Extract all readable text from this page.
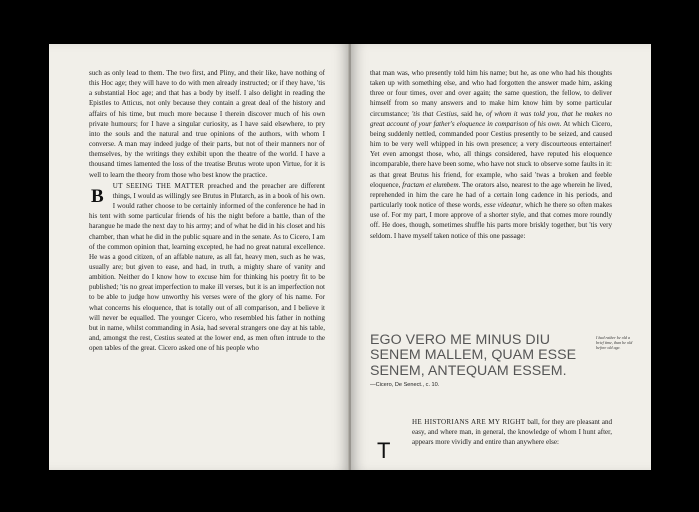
such as only lead to them. The two first, and Pliny, and their like, have nothing of this Hoc age; they will have to do with men already instructed; or if they have, 'tis a substantial Hoc age; and that has a body by itself. I also delight in reading the Epistles to Atticus, not only because they contain a great deal of the history and affairs of his time, but much more because I therein discover much of his own private humours; for I have a singular curiosity, as I have said elsewhere, to pry into the souls and the natural and true opinions of the authors, with whom I converse. A man may indeed judge of their parts, but not of their manners nor of themselves, by the writings they exhibit upon the theatre of the world. I have a thousand times lamented the loss of the treatise Brutus wrote upon Virtue, for it is well to learn the theory from those who best know the practice.

B UT SEEING THE MATTER preached and the preacher are different things, I would as willingly see Brutus in Plutarch, as in a book of his own. I would rather choose to be certainly informed of the conference he had in his tent with some particular friends of his the night before a battle, than of the harangue he made the next day to his army; and of what he did in his closet and his chamber, than what he did in the public square and in the senate. As to Cicero, I am of the common opinion that, learning excepted, he had no great natural excellence. He was a good citizen, of an affable nature, as all fat, heavy men, such as he was, usually are; but given to ease, and had, in truth, a mighty share of vanity and ambition. Neither do I know how to excuse him for thinking his poetry fit to be published; 'tis no great imperfection to make ill verses, but it is an imperfection not to be able to judge how unworthy his verses were of the glory of his name. For what concerns his eloquence, that is totally out of all comparison, and I believe it will never be equalled. The younger Cicero, who resembled his father in nothing but in name, whilst commanding in Asia, had several strangers one day at his table, and, amongst the rest, Cestius seated at the lower end, as men often intrude to the open tables of the great. Cicero asked one of his people who

that man was, who presently told him his name; but he, as one who had his thoughts taken up with something else, and who had forgotten the answer made him, asking three or four times, over and over again; the same question, the fellow, to deliver himself from so many answers and to make him know him by some particular circumstance; 'tis that Cestius, said he, of whom it was told you, that he makes no great account of your father's eloquence in comparison of his own. At which Cicero, being suddenly nettled, commanded poor Cestius presently to be seized, and caused him to be very well whipped in his own presence; a very discourteous entertainer! Yet even amongst those, who, all things considered, have reputed his eloquence incomparable, there have been some, who have not stuck to observe some faults in it: as that great Brutus his friend, for example, who said 'twas a broken and feeble eloquence, fractam et elumbem. The orators also, nearest to the age wherein he lived, reprehended in him the care he had of a certain long cadence in his periods, and particularly took notice of these words, esse videatur, which he there so often makes use of. For my part, I more approve of a shorter style, and that comes more roundly off. He does, though, sometimes shuffle his parts more briskly together, but 'tis very seldom. I have myself taken notice of this one passage:

EGO VERO ME MINUS DIU SENEM MALLEM, QUAM ESSE SENEM, ANTEQUAM ESSEM.
—Cicero, De Senect., c. 10.
I had rather be old a brief time, than be old before old age.
T

HE HISTORIANS ARE MY RIGHT ball, for they are pleasant and easy, and where man, in general, the knowledge of whom I hunt after, appears more vividly and entire than anywhere else:
